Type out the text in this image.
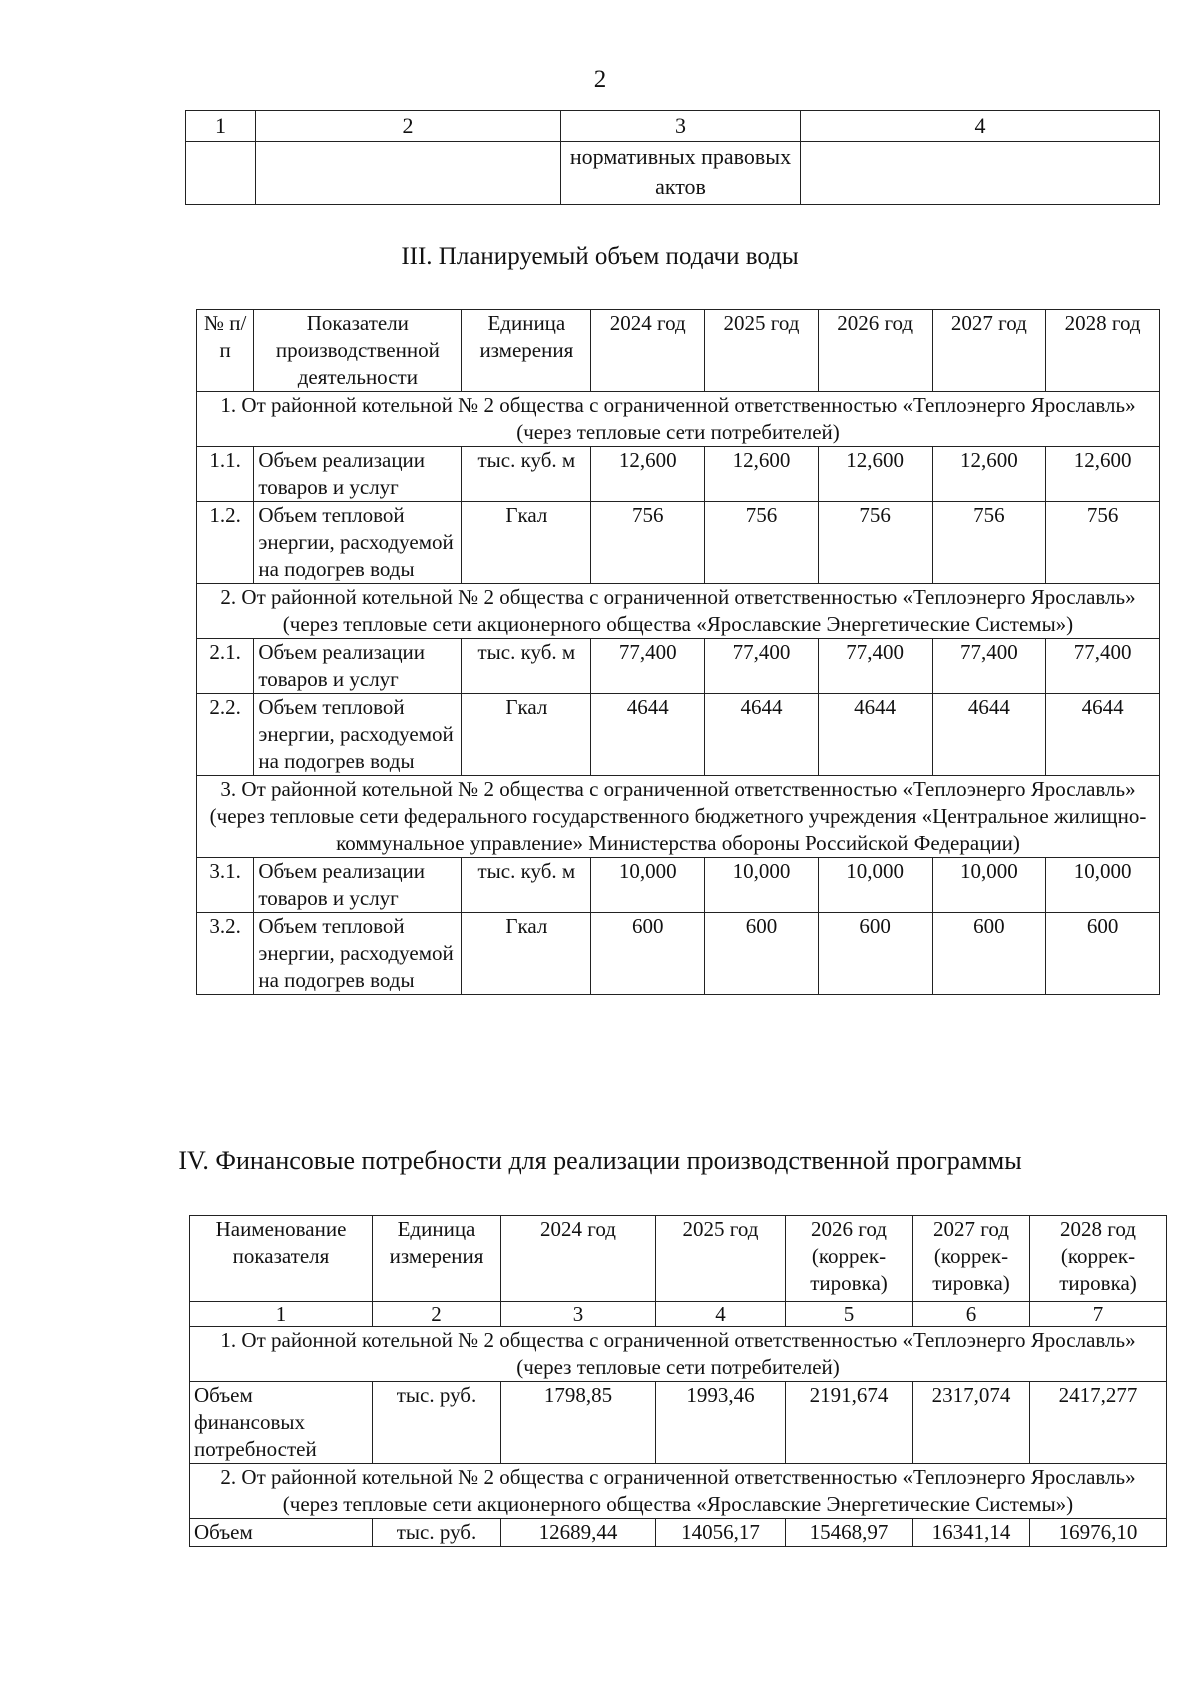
2
1	2	3	4
		нормативных правовых актов	
III. Планируемый объем подачи воды
№ п/п	Показатели производственной деятельности	Единица измерения	2024 год	2025 год	2026 год	2027 год	2028 год
1. От районной котельной № 2 общества с ограниченной ответственностью «Теплоэнерго Ярославль» (через тепловые сети потребителей)							
1.1.	Объем реализации товаров и услуг	тыс. куб. м	12,600	12,600	12,600	12,600	12,600
1.2.	Объем тепловой энергии, расходуемой на подогрев воды	Гкал	756	756	756	756	756
2. От районной котельной № 2 общества с ограниченной ответственностью «Теплоэнерго Ярославль» (через тепловые сети акционерного общества «Ярославские Энергетические Системы»)							
2.1.	Объем реализации товаров и услуг	тыс. куб. м	77,400	77,400	77,400	77,400	77,400
2.2.	Объем тепловой энергии, расходуемой на подогрев воды	Гкал	4644	4644	4644	4644	4644
3. От районной котельной № 2 общества с ограниченной ответственностью «Теплоэнерго Ярославль» (через тепловые сети федерального государственного бюджетного учреждения «Центральное жилищно-коммунальное управление» Министерства обороны Российской Федерации)							
3.1.	Объем реализации товаров и услуг	тыс. куб. м	10,000	10,000	10,000	10,000	10,000
3.2.	Объем тепловой энергии, расходуемой на подогрев воды	Гкал	600	600	600	600	600
IV. Финансовые потребности для реализации производственной программы
Наименование показателя	Единица измерения	2024 год	2025 год	2026 год (коррек-тировка)	2027 год (коррек-тировка)	2028 год (коррек-тировка)
1	2	3	4	5	6	7
1. От районной котельной № 2 общества с ограниченной ответственностью «Теплоэнерго Ярославль» (через тепловые сети потребителей)						
Объем финансовых потребностей	тыс. руб.	1798,85	1993,46	2191,674	2317,074	2417,277
2. От районной котельной № 2 общества с ограниченной ответственностью «Теплоэнерго Ярославль» (через тепловые сети акционерного общества «Ярославские Энергетические Системы»)						
Объем	тыс. руб.	12689,44	14056,17	15468,97	16341,14	16976,10
